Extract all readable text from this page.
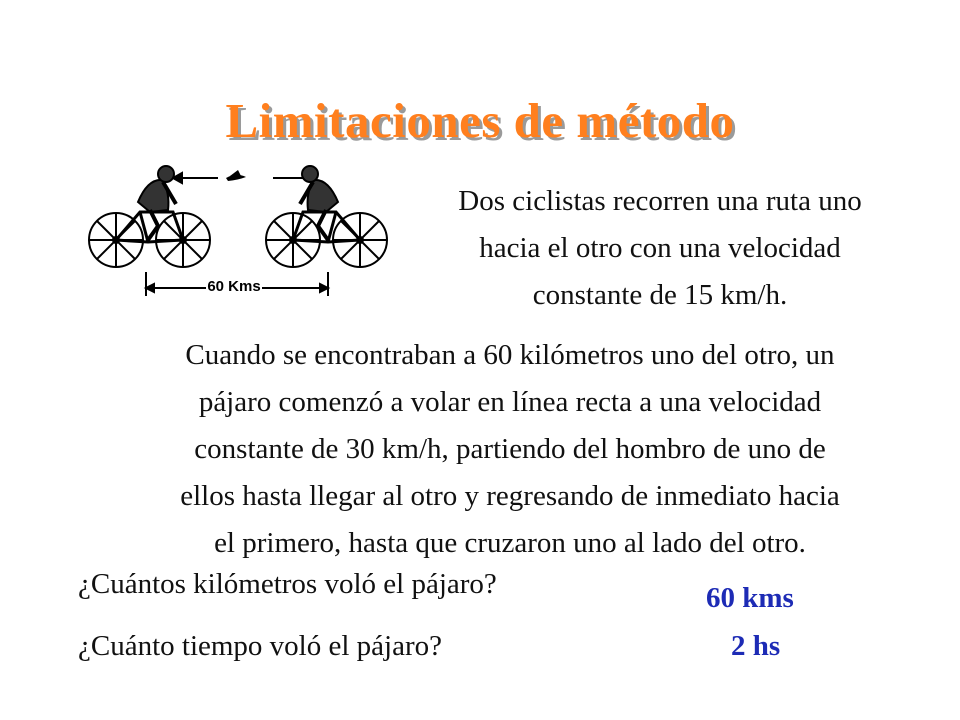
Limitaciones de método
60 Kms
Dos ciclistas recorren una ruta uno
hacia el otro con una velocidad
constante de 15 km/h.
Cuando se encontraban a 60 kilómetros uno del otro, un
pájaro comenzó a volar en línea recta a una velocidad
constante de 30 km/h, partiendo del hombro de uno de
ellos hasta llegar al otro y regresando de inmediato hacia
el primero, hasta que cruzaron uno al lado del otro.
¿Cuántos kilómetros voló el pájaro?	60 kms
¿Cuánto tiempo voló el pájaro?	2 hs
